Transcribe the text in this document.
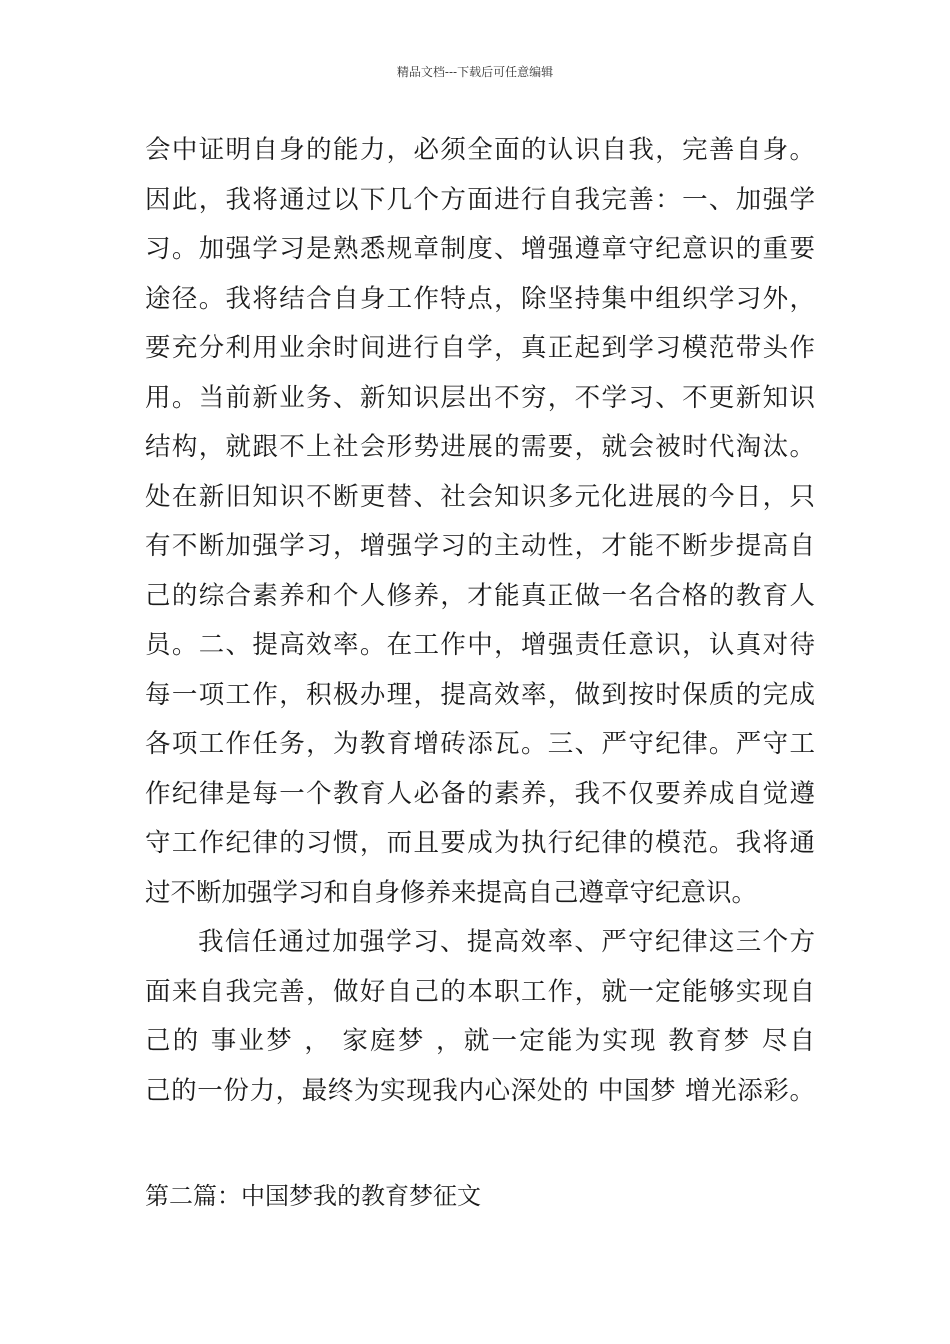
精品文档---下载后可任意编辑
会中证明自身的能力，必须全面的认识自我，完善自身。
因此，我将通过以下几个方面进行自我完善：一、加强学
习。加强学习是熟悉规章制度、增强遵章守纪意识的重要
途径。我将结合自身工作特点，除坚持集中组织学习外，
要充分利用业余时间进行自学，真正起到学习模范带头作
用。当前新业务、新知识层出不穷，不学习、不更新知识
结构，就跟不上社会形势进展的需要，就会被时代淘汰。
处在新旧知识不断更替、社会知识多元化进展的今日，只
有不断加强学习，增强学习的主动性，才能不断步提高自
己的综合素养和个人修养，才能真正做一名合格的教育人
员。二、提高效率。在工作中，增强责任意识，认真对待
每一项工作，积极办理，提高效率，做到按时保质的完成
各项工作任务，为教育增砖添瓦。三、严守纪律。严守工
作纪律是每一个教育人必备的素养，我不仅要养成自觉遵
守工作纪律的习惯，而且要成为执行纪律的模范。我将通
过不断加强学习和自身修养来提高自己遵章守纪意识。
我信任通过加强学习、提高效率、严守纪律这三个方
面来自我完善，做好自己的本职工作，就一定能够实现自
己的 事业梦 ， 家庭梦 ，就一定能为实现 教育梦 尽自
己的一份力，最终为实现我内心深处的 中国梦 增光添彩。
第二篇：中国梦我的教育梦征文
